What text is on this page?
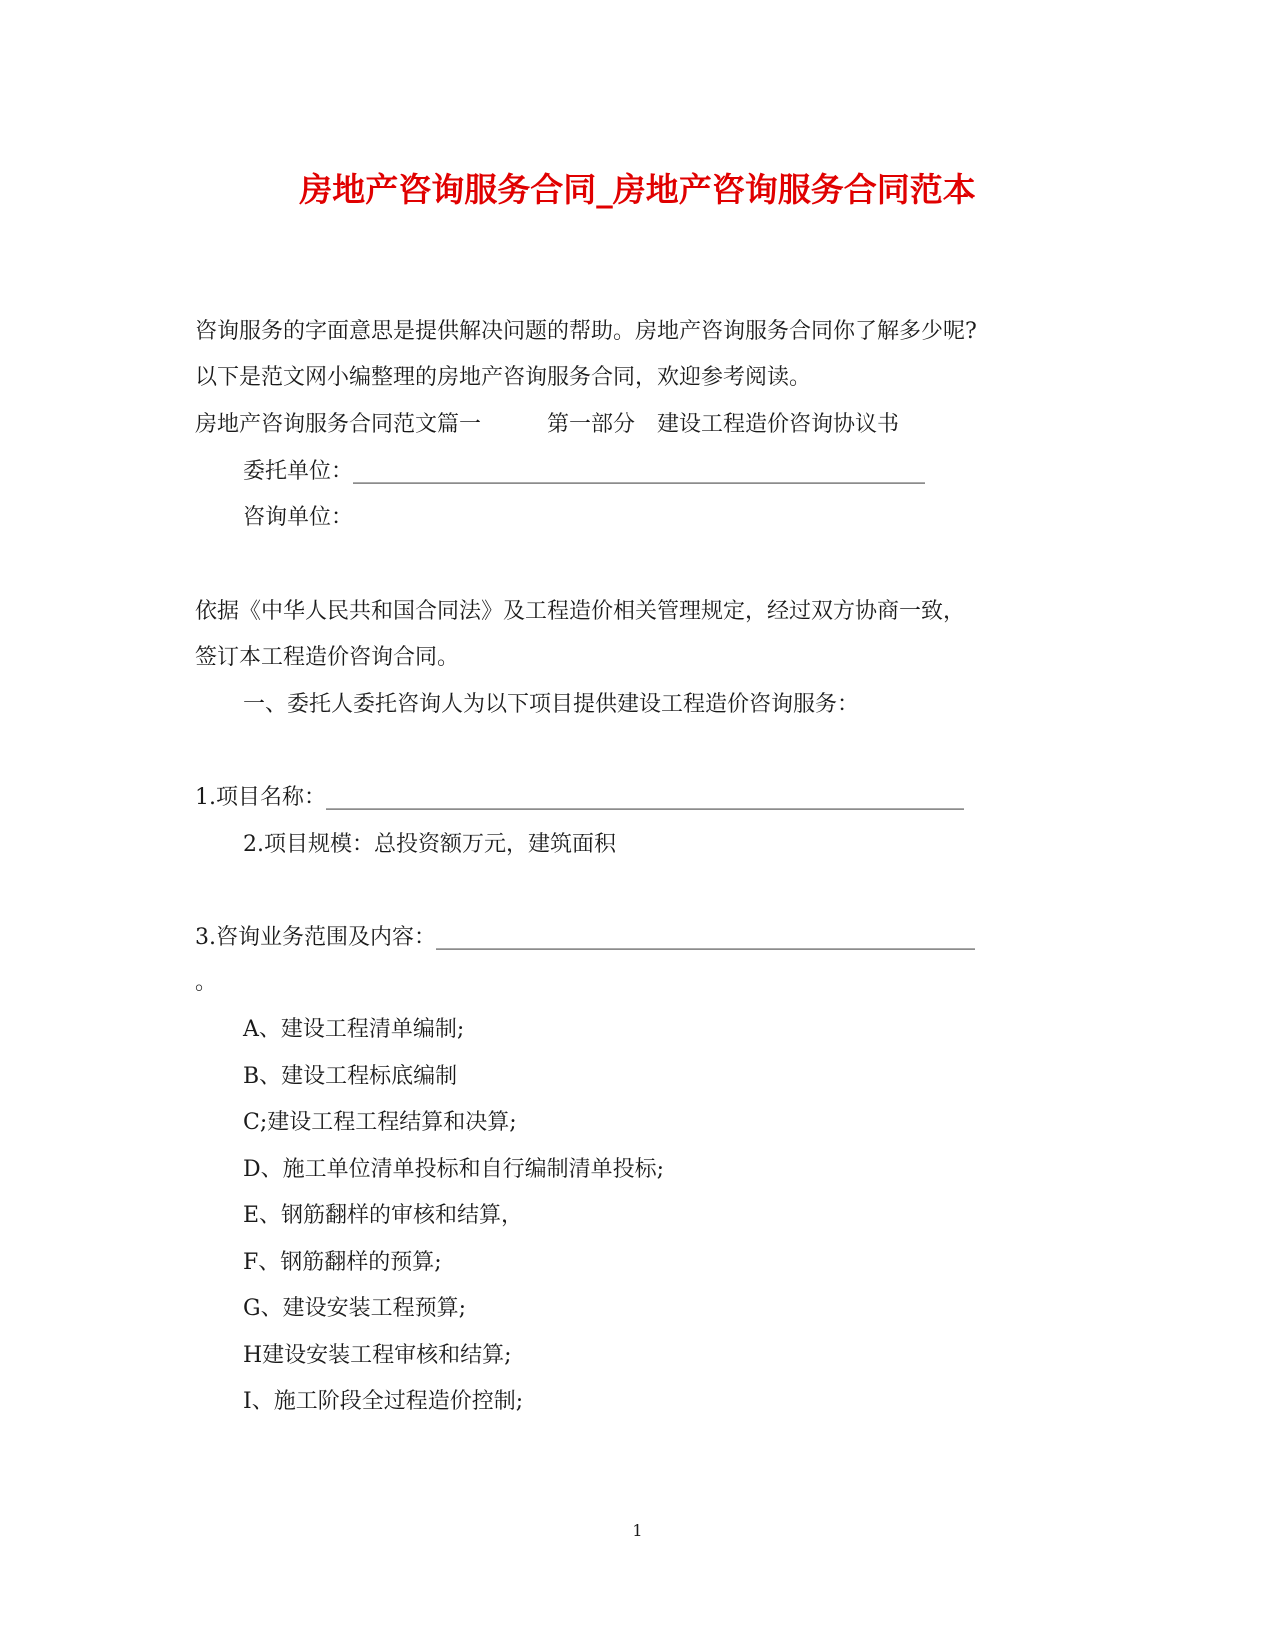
房地产咨询服务合同_房地产咨询服务合同范本
咨询服务的字面意思是提供解决问题的帮助。房地产咨询服务合同你了解多少呢?
以下是范文网小编整理的房地产咨询服务合同，欢迎参考阅读。
房地产咨询服务合同范文篇一　　　第一部分　建设工程造价咨询协议书
委托单位：____________________________________________________
咨询单位：
依据《中华人民共和国合同法》及工程造价相关管理规定，经过双方协商一致，
签订本工程造价咨询合同。
一、委托人委托咨询人为以下项目提供建设工程造价咨询服务：
1.项目名称：__________________________________________________________
2.项目规模：总投资额万元，建筑面积
3.咨询业务范围及内容：_________________________________________________
。
A、建设工程清单编制;
B、建设工程标底编制
C;建设工程工程结算和决算;
D、施工单位清单投标和自行编制清单投标;
E、钢筋翻样的审核和结算，
F、钢筋翻样的预算;
G、建设安装工程预算;
H建设安装工程审核和结算;
I、施工阶段全过程造价控制;
1
